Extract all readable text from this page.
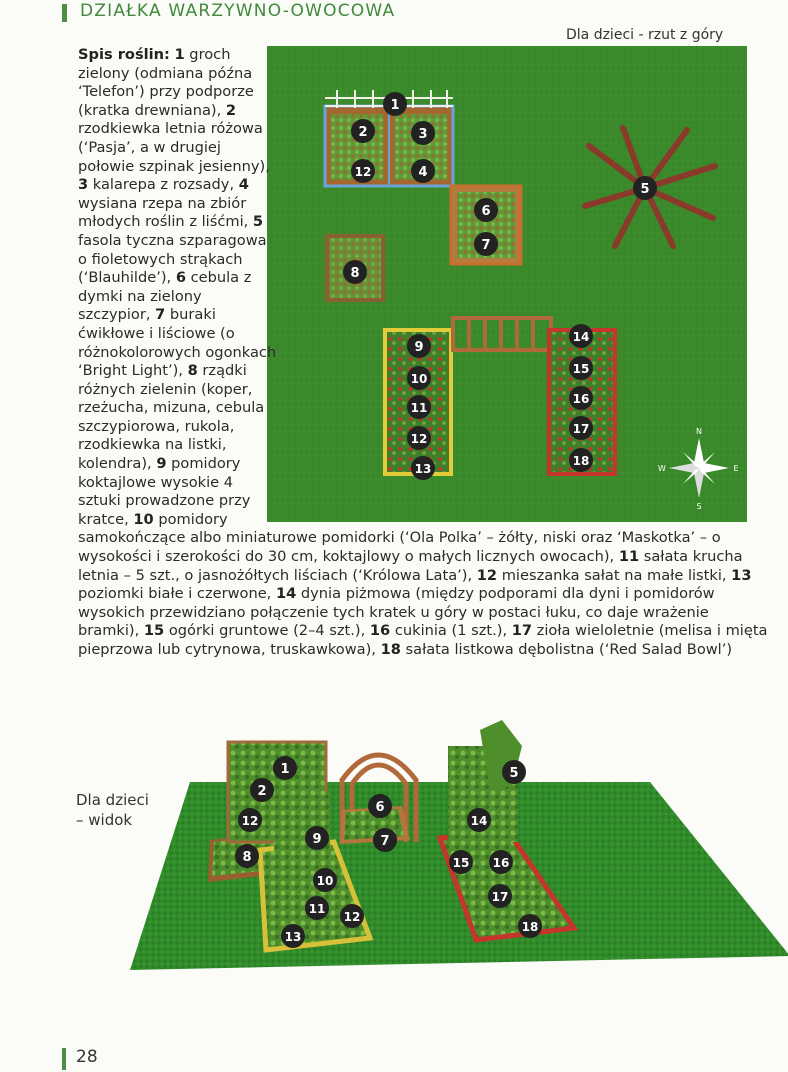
DZIAŁKA WARZYWNO-OWOCOWA
Dla dzieci - rzut z góry
N
S
E
W
1
2	3
12	4
5
6
7
8
9
10
11
12
13
14
15
16
17
18
Spis roślin: 1 groch zielony (odmiana późna ‘Telefon’) przy podporze (kratka drewniana), 2 rzodkiewka letnia różowa (‘Pasja’, a w drugiej połowie szpinak jesienny), 3 kalarepa z rozsady, 4 wysiana rzepa na zbiór młodych roślin z liśćmi, 5 fasola tyczna szparagowa o fioletowych strąkach (‘Blauhilde’), 6 cebula z dymki na zielony szczypior, 7 buraki ćwikłowe i liściowe (o różnokolorowych ogonkach ‘Bright Light’), 8 rządki różnych zielenin (koper, rzeżucha, mizuna, cebula szczypiorowa, rukola, rzodkiewka na listki, kolendra), 9 pomidory koktajlowe wysokie 4 sztuki prowadzone przy kratce, 10 pomidory samokończące albo miniaturowe pomidorki (‘Ola Polka’ – żółty, niski oraz ‘Maskotka’ – o wysokości i szerokości do 30 cm, koktajlowy o małych licznych owocach), 11 sałata krucha letnia – 5 szt., o jasnożółtych liściach (‘Królowa Lata’), 12 mieszanka sałat na małe listki, 13 poziomki białe i czerwone, 14 dynia piżmowa (między podporami dla dyni i pomidorów wysokich przewidziano połączenie tych kratek u góry w postaci łuku, co daje wrażenie bramki), 15 ogórki gruntowe (2–4 szt.), 16 cukinia (1 szt.), 17 zioła wieloletnie (melisa i mięta pieprzowa lub cytrynowa, truskawkowa), 18 sałata listkowa dębolistna (‘Red Salad Bowl’)
Dla dzieci
– widok
1
2
12
8
9
6
7
5
14
15 16
10
11
12
13
17
18
28
